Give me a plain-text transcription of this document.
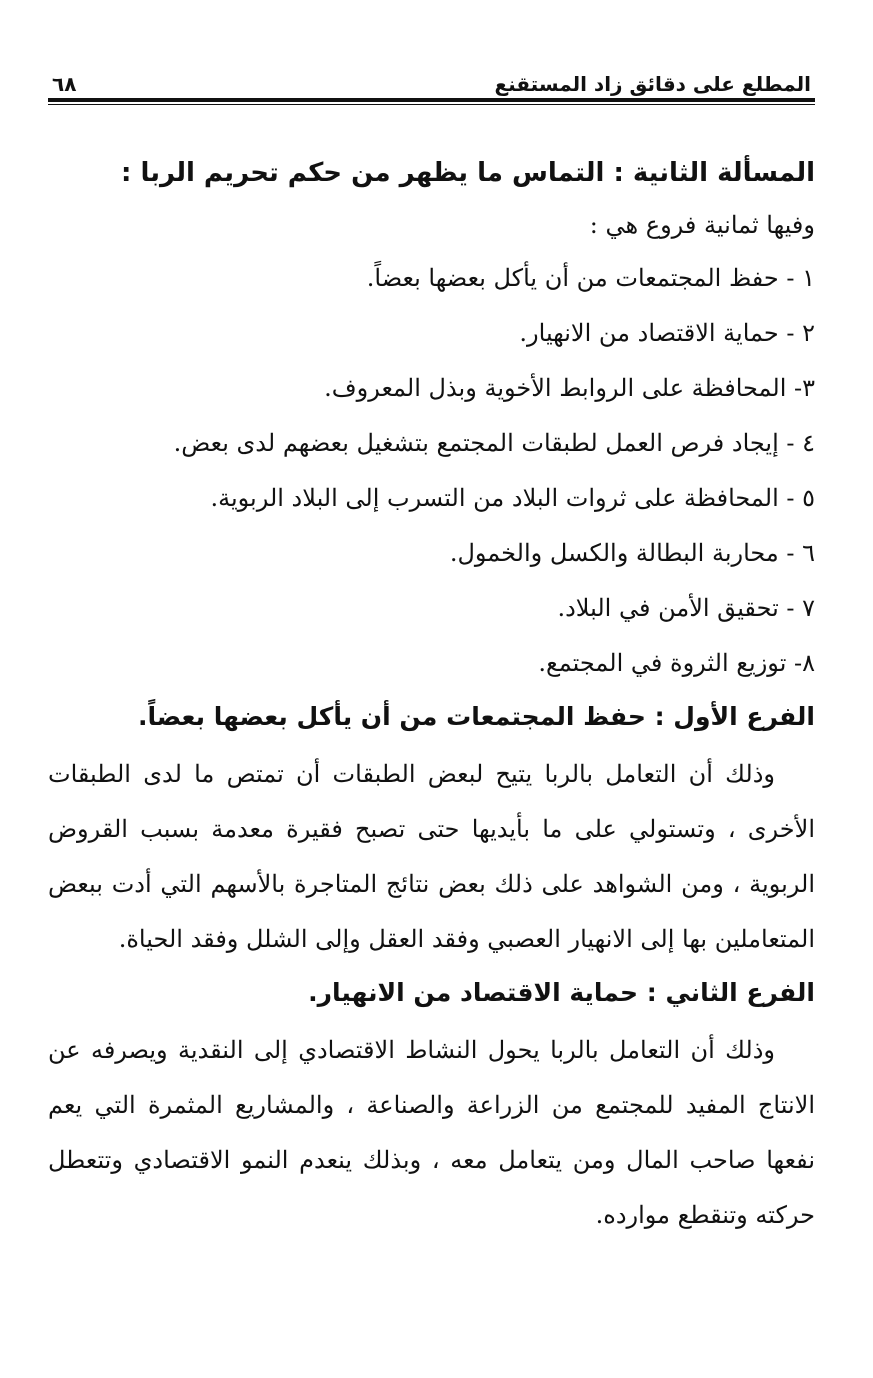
المطلع على دقائق زاد المستقنع
٦٨
المسألة الثانية : التماس ما يظهر من حكم تحريم الربا :
وفيها ثمانية فروع هي :
١ - حفظ المجتمعات من أن يأكل بعضها بعضاً.
٢ - حماية الاقتصاد من الانهيار.
٣- المحافظة على الروابط الأخوية وبذل المعروف.
٤ - إيجاد فرص العمل لطبقات المجتمع بتشغيل بعضهم لدى بعض.
٥ - المحافظة على ثروات البلاد من التسرب إلى البلاد الربوية.
٦ - محاربة البطالة والكسل والخمول.
٧ - تحقيق الأمن في البلاد.
٨- توزيع الثروة في المجتمع.
الفرع الأول : حفظ المجتمعات من أن يأكل بعضها بعضاً.

وذلك أن التعامل بالربا يتيح لبعض الطبقات أن تمتص ما لدى الطبقات الأخرى ، وتستولي على ما بأيديها حتى تصبح فقيرة معدمة بسبب القروض الربوية ، ومن الشواهد على ذلك بعض نتائج المتاجرة بالأسهم التي أدت ببعض المتعاملين بها إلى الانهيار العصبي وفقد العقل وإلى الشلل وفقد الحياة.

الفرع الثاني : حماية الاقتصاد من الانهيار.

وذلك أن التعامل بالربا يحول النشاط الاقتصادي إلى النقدية ويصرفه عن الانتاج المفيد للمجتمع من الزراعة والصناعة ، والمشاريع المثمرة التي يعم نفعها صاحب المال ومن يتعامل معه ، وبذلك ينعدم النمو الاقتصادي وتتعطل حركته وتنقطع موارده.
